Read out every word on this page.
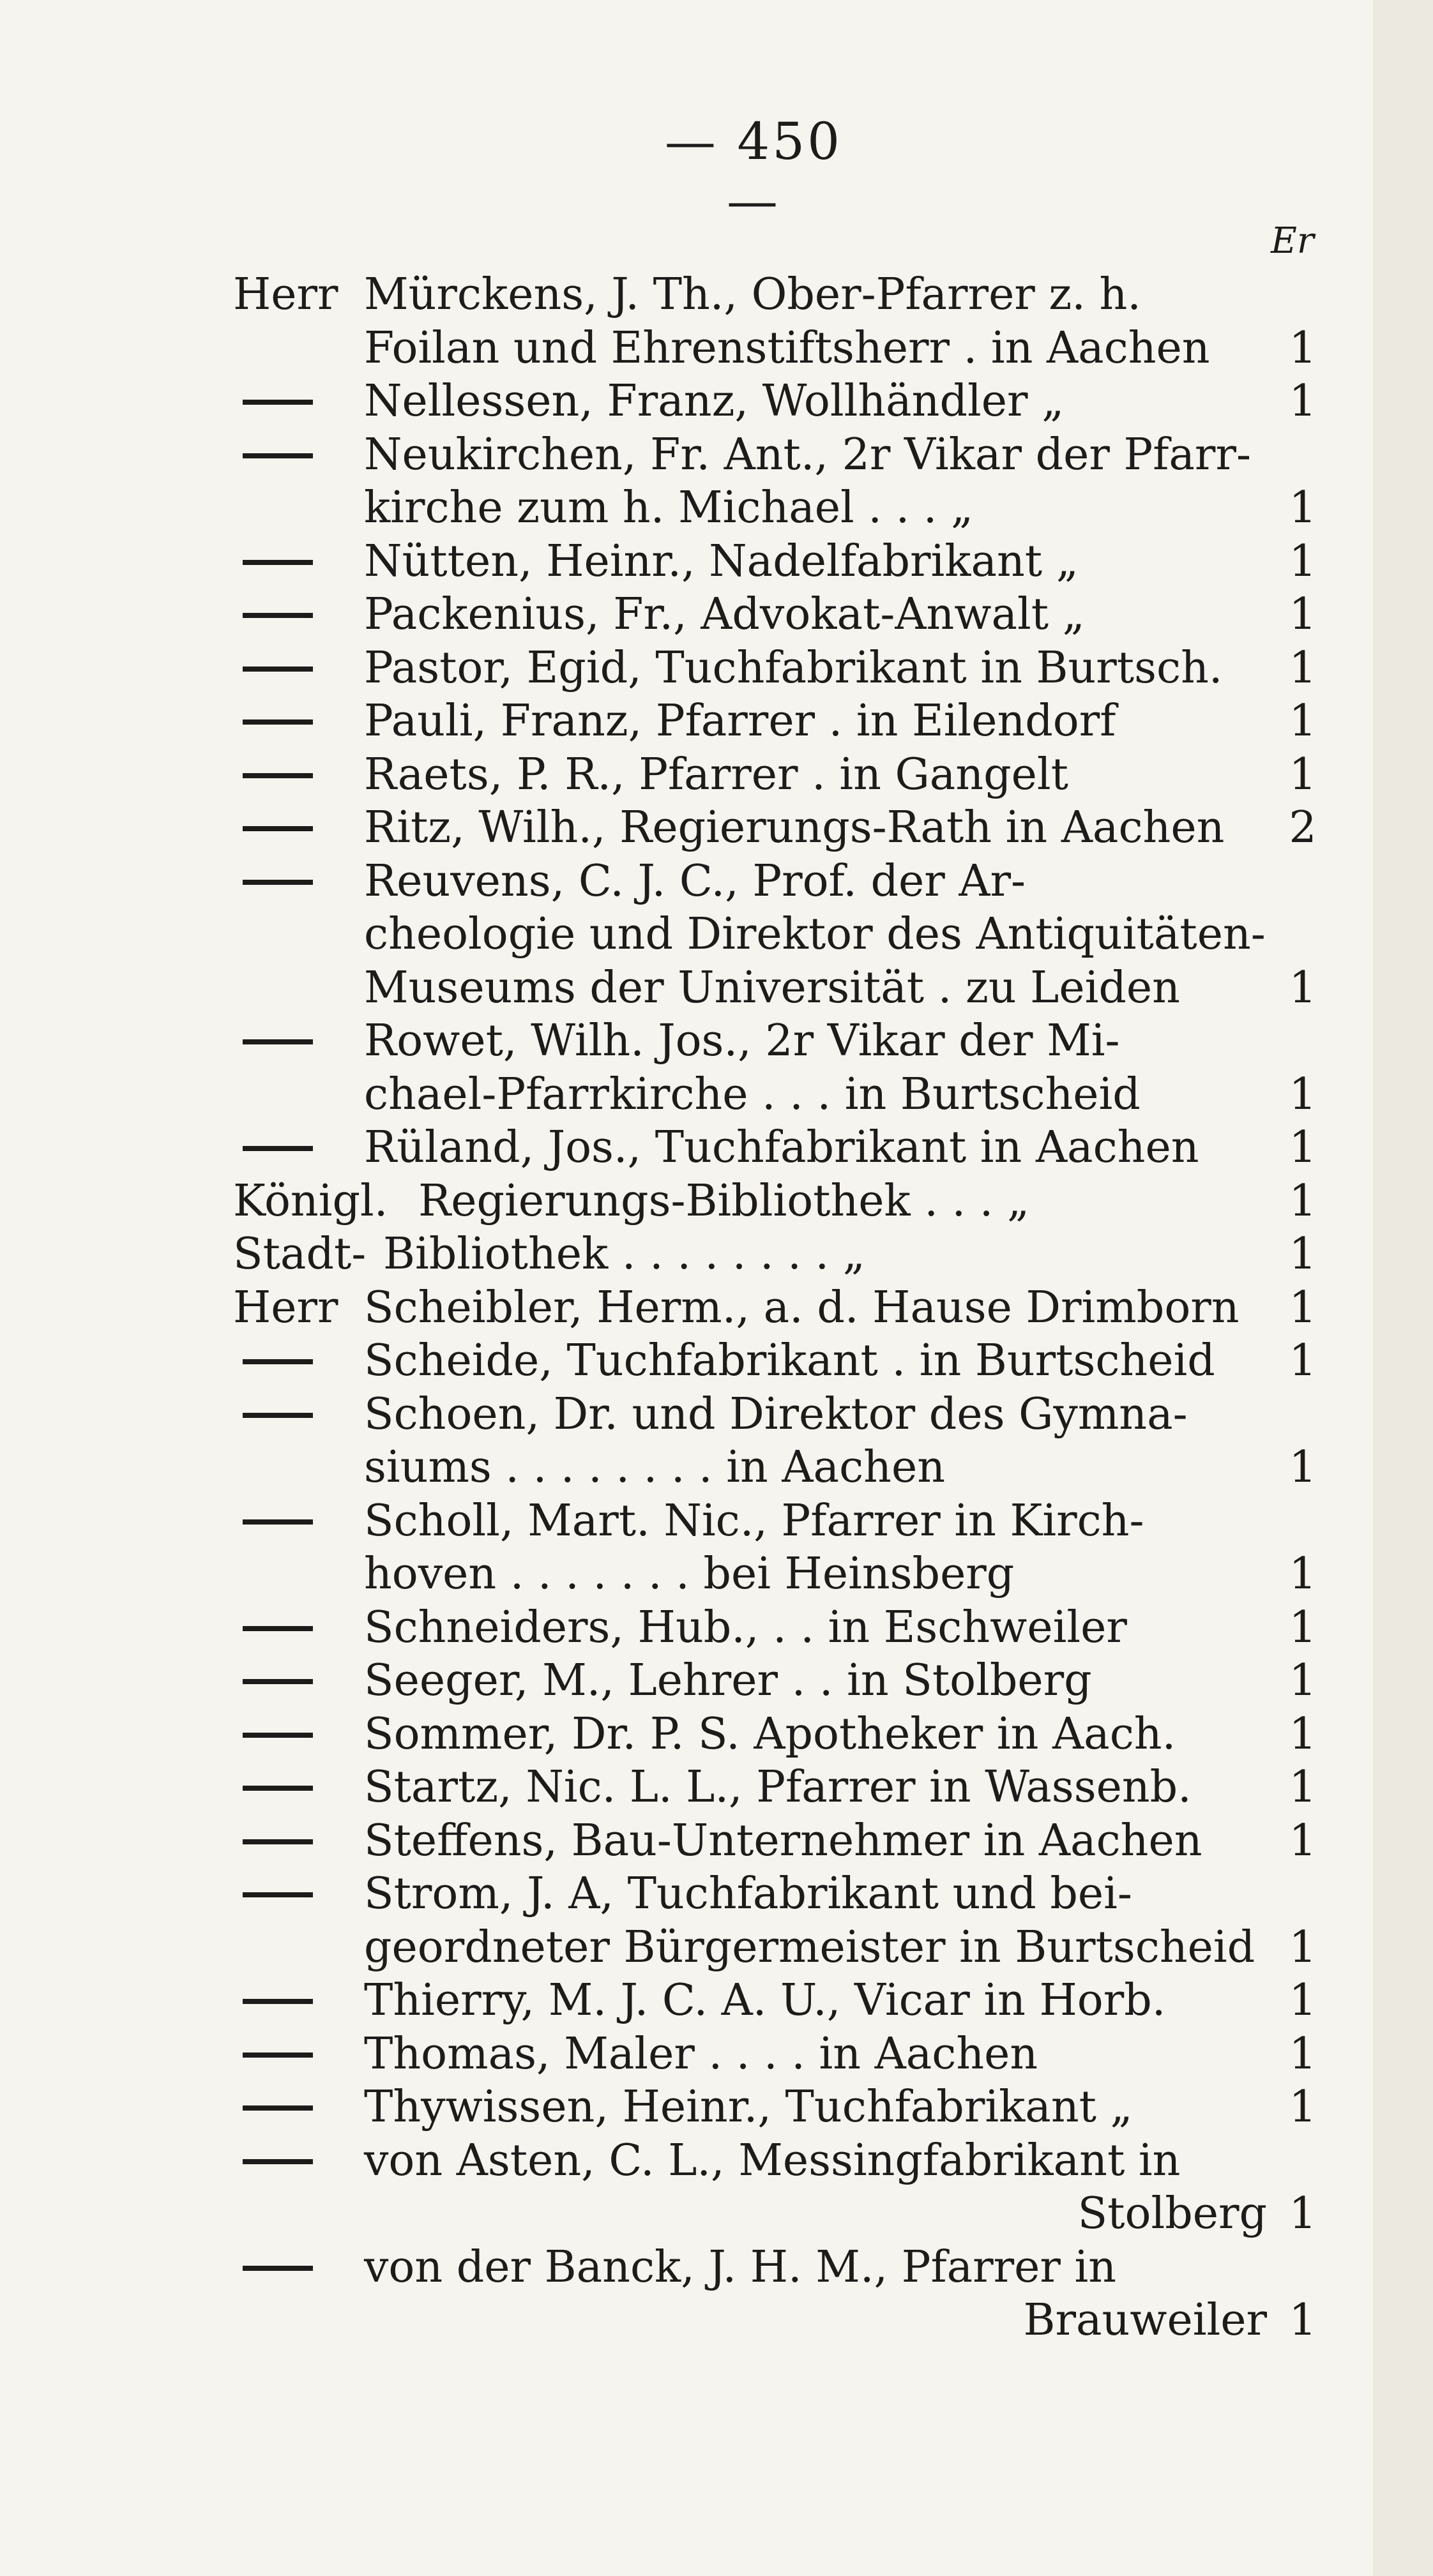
— 450 —
Er
Herr Mürckens, J. Th., Ober-Pfarrer z. h.
Foilan und Ehrenstiftsherr . in Aachen	1
Nellessen, Franz, Wollhändler „	1
Neukirchen, Fr. Ant., 2r Vikar der Pfarr-
kirche zum h. Michael . . . „	1
Nütten, Heinr., Nadelfabrikant „	1
Packenius, Fr., Advokat-Anwalt „	1
Pastor, Egid, Tuchfabrikant in Burtsch.	1
Pauli, Franz, Pfarrer . in Eilendorf	1
Raets, P. R., Pfarrer . in Gangelt	1
Ritz, Wilh., Regierungs-Rath in Aachen	2
Reuvens, C. J. C., Prof. der Ar-
cheologie und Direktor des Antiquitäten-
Museums der Universität . zu Leiden	1
Rowet, Wilh. Jos., 2r Vikar der Mi-
chael-Pfarrkirche . . . in Burtscheid	1
Rüland, Jos., Tuchfabrikant in Aachen	1
Königl. Regierungs-Bibliothek . . . „	1
Stadt- Bibliothek . . . . . . . . „	1
Herr Scheibler, Herm., a. d. Hause Drimborn	1
Scheide, Tuchfabrikant . in Burtscheid	1
Schoen, Dr. und Direktor des Gymna-
siums . . . . . . . . in Aachen	1
Scholl, Mart. Nic., Pfarrer in Kirch-
hoven . . . . . . . bei Heinsberg	1
Schneiders, Hub., . . in Eschweiler	1
Seeger, M., Lehrer . . in Stolberg	1
Sommer, Dr. P. S. Apotheker in Aach.	1
Startz, Nic. L. L., Pfarrer in Wassenb.	1
Steffens, Bau-Unternehmer in Aachen	1
Strom, J. A, Tuchfabrikant und bei-
geordneter Bürgermeister in Burtscheid 1
Thierry, M. J. C. A. U., Vicar in Horb.	1
Thomas, Maler . . . . in Aachen	1
Thywissen, Heinr., Tuchfabrikant „	1
von Asten, C. L., Messingfabrikant in
Stolberg 1
von der Banck, J. H. M., Pfarrer in
Brauweiler 1
